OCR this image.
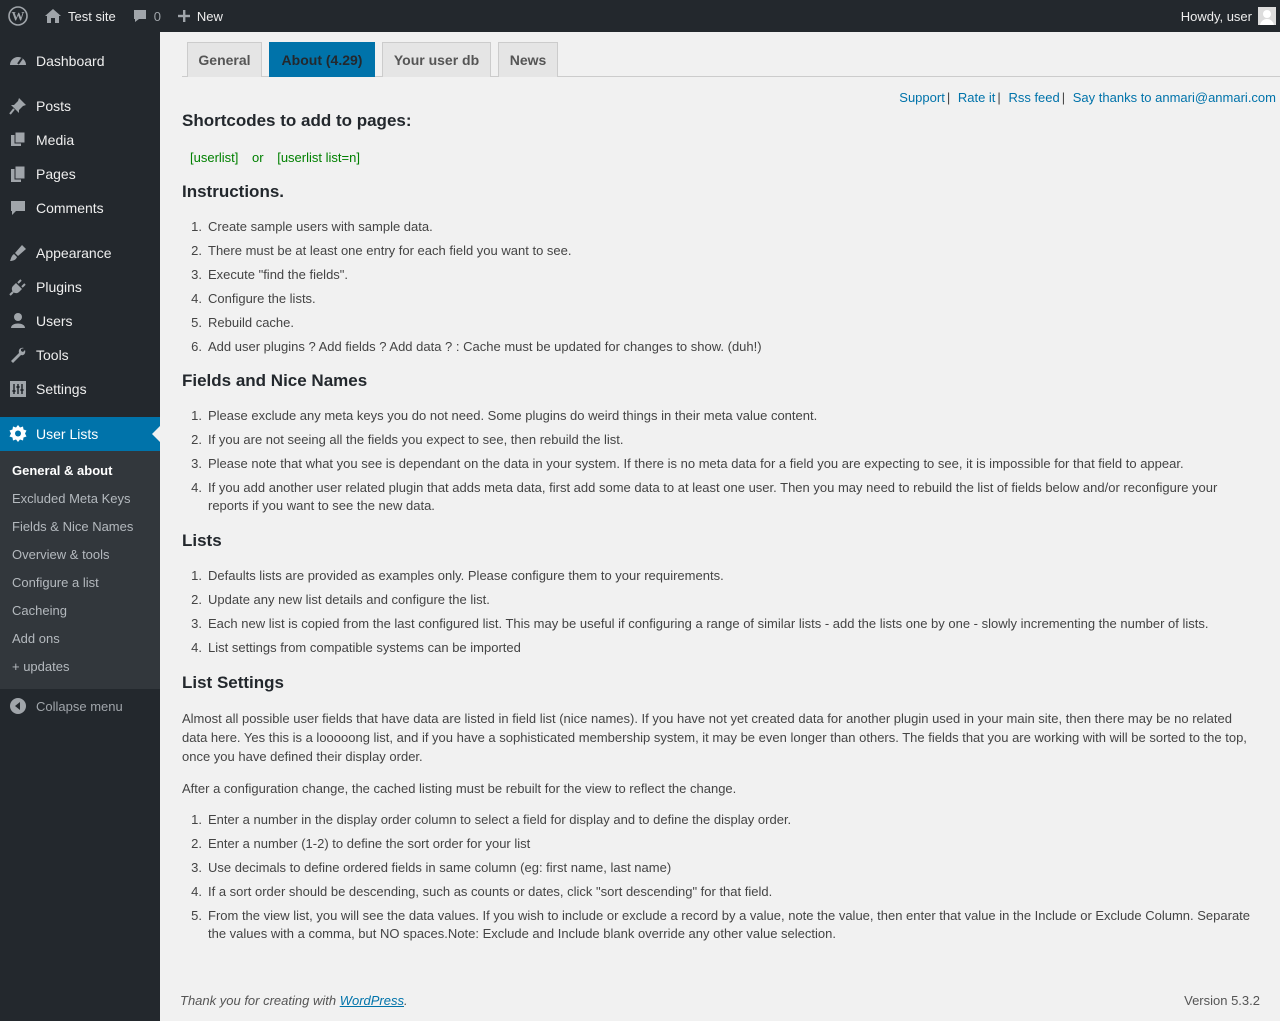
W	Test site	0	New	Howdy, user
Dashboard
Posts
Media
Pages
Comments
Appearance
Plugins
Users
Tools
Settings
User Lists
General & about
Excluded Meta Keys
Fields & Nice Names
Overview & tools
Configure a list
Cacheing
Add ons
+ updates
Collapse menu
General	About (4.29)	Your user db	News
Support | Rate it | Rss feed | Say thanks to anmari@anmari.com
Shortcodes to add to pages:
[userlist] or [userlist list=n]
Instructions.
1. Create sample users with sample data.
2. There must be at least one entry for each field you want to see.
3. Execute "find the fields".
4. Configure the lists.
5. Rebuild cache.
6. Add user plugins ? Add fields ? Add data ? : Cache must be updated for changes to show. (duh!)
Fields and Nice Names
1. Please exclude any meta keys you do not need. Some plugins do weird things in their meta value content.
2. If you are not seeing all the fields you expect to see, then rebuild the list.
3. Please note that what you see is dependant on the data in your system. If there is no meta data for a field you are expecting to see, it is impossible for that field to appear.
4. If you add another user related plugin that adds meta data, first add some data to at least one user. Then you may need to rebuild the list of fields below and/or reconfigure your reports if you want to see the new data.
Lists
1. Defaults lists are provided as examples only. Please configure them to your requirements.
2. Update any new list details and configure the list.
3. Each new list is copied from the last configured list. This may be useful if configuring a range of similar lists - add the lists one by one - slowly incrementing the number of lists.
4. List settings from compatible systems can be imported
List Settings

Almost all possible user fields that have data are listed in field list (nice names). If you have not yet created data for another plugin used in your main site, then there may be no related data here. Yes this is a looooong list, and if you have a sophisticated membership system, it may be even longer than others. The fields that you are working with will be sorted to the top, once you have defined their display order.

After a configuration change, the cached listing must be rebuilt for the view to reflect the change.

1. Enter a number in the display order column to select a field for display and to define the display order.
2. Enter a number (1-2) to define the sort order for your list
3. Use decimals to define ordered fields in same column (eg: first name, last name)
4. If a sort order should be descending, such as counts or dates, click "sort descending" for that field.
5. From the view list, you will see the data values. If you wish to include or exclude a record by a value, note the value, then enter that value in the Include or Exclude Column. Separate the values with a comma, but NO spaces.Note: Exclude and Include blank override any other value selection.
Thank you for creating with WordPress.	Version 5.3.2
